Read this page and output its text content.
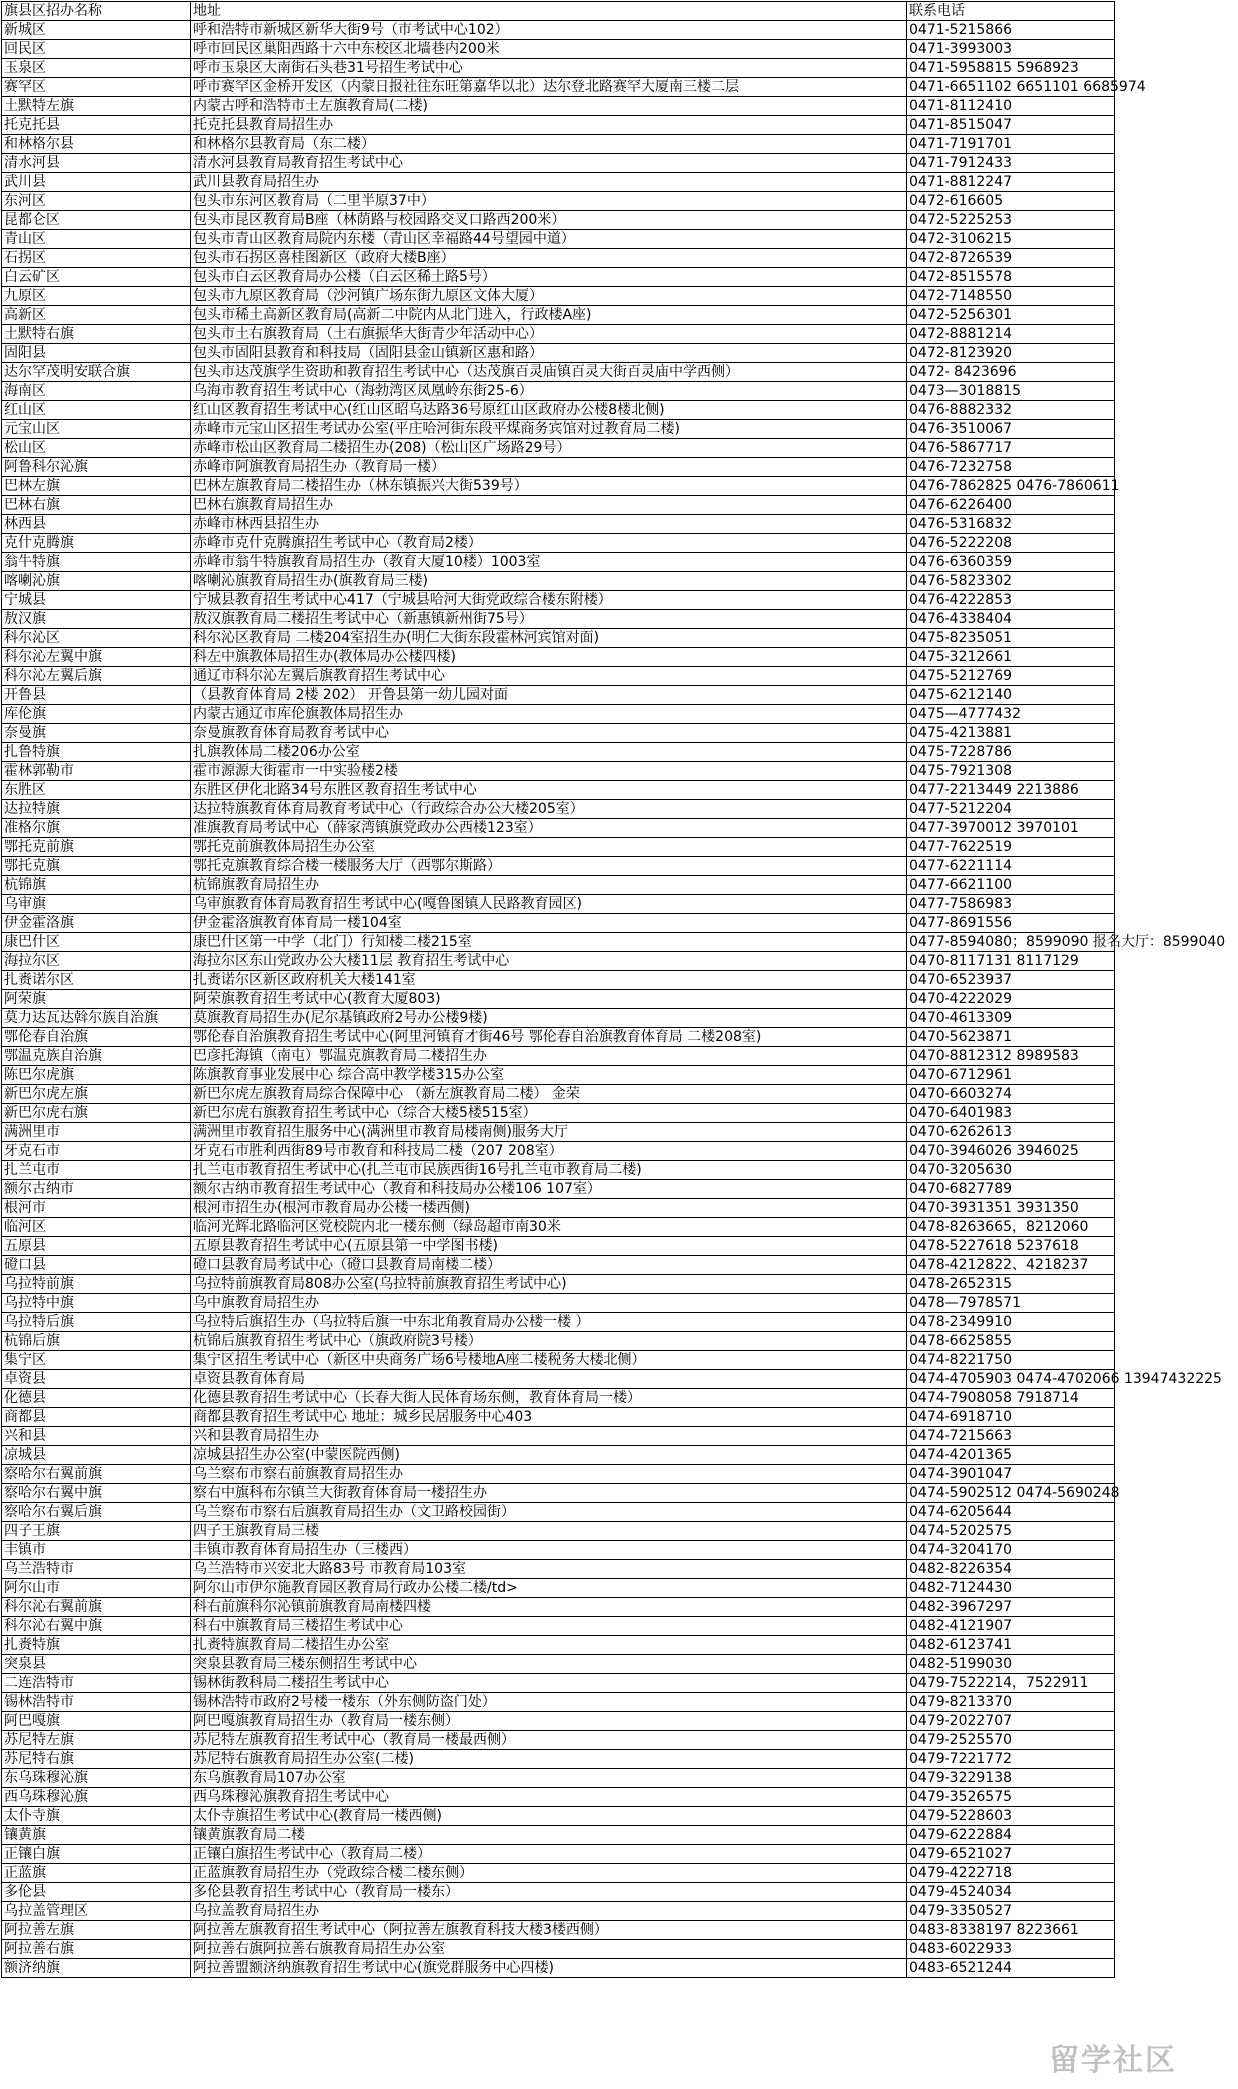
旗县区招办名称	地址	联系电话
新城区	呼和浩特市新城区新华大街9号（市考试中心102）	0471-5215866
回民区	呼市回民区巢阳西路十六中东校区北墙巷内200米	0471-3993003
玉泉区	呼市玉泉区大南街石头巷31号招生考试中心	0471-5958815 5968923
赛罕区	呼市赛罕区金桥开发区（内蒙日报社往东旺第嘉华以北）达尔登北路赛罕大厦南三楼二层	0471-6651102 6651101 6685974
土默特左旗	内蒙古呼和浩特市土左旗教育局(二楼)	0471-8112410
托克托县	托克托县教育局招生办	0471-8515047
和林格尔县	和林格尔县教育局（东二楼）	0471-7191701
清水河县	清水河县教育局教育招生考试中心	0471-7912433
武川县	武川县教育局招生办	0471-8812247
东河区	包头市东河区教育局（二里半原37中）	0472-616605
昆都仑区	包头市昆区教育局B座（林荫路与校园路交叉口路西200米）	0472-5225253
青山区	包头市青山区教育局院内东楼（青山区幸福路44号望园中道）	0472-3106215
石拐区	包头市石拐区喜桂图新区（政府大楼B座）	0472-8726539
白云矿区	包头市白云区教育局办公楼（白云区稀土路5号）	0472-8515578
九原区	包头市九原区教育局（沙河镇广场东街九原区文体大厦）	0472-7148550
高新区	包头市稀土高新区教育局(高新二中院内从北门进入，行政楼A座)	0472-5256301
土默特右旗	包头市土右旗教育局（土右旗振华大街青少年活动中心）	0472-8881214
固阳县	包头市固阳县教育和科技局（固阳县金山镇新区惠和路）	0472-8123920
达尔罕茂明安联合旗	包头市达茂旗学生资助和教育招生考试中心（达茂旗百灵庙镇百灵大街百灵庙中学西侧）	0472- 8423696
海南区	乌海市教育招生考试中心（海勃湾区凤凰岭东街25-6）	0473—3018815
红山区	红山区教育招生考试中心(红山区昭乌达路36号原红山区政府办公楼8楼北侧)	0476-8882332
元宝山区	赤峰市元宝山区招生考试办公室(平庄哈河街东段平煤商务宾馆对过教育局二楼)	0476-3510067
松山区	赤峰市松山区教育局二楼招生办(208)（松山区广场路29号）	0476-5867717
阿鲁科尔沁旗	赤峰市阿旗教育局招生办（教育局一楼）	0476-7232758
巴林左旗	巴林左旗教育局二楼招生办（林东镇振兴大街539号）	0476-7862825 0476-7860611
巴林右旗	巴林右旗教育局招生办	0476-6226400
林西县	赤峰市林西县招生办	0476-5316832
克什克腾旗	赤峰市克什克腾旗招生考试中心（教育局2楼）	0476-5222208
翁牛特旗	赤峰市翁牛特旗教育局招生办（教育大厦10楼）1003室	0476-6360359
喀喇沁旗	喀喇沁旗教育局招生办(旗教育局三楼)	0476-5823302
宁城县	宁城县教育招生考试中心417（宁城县哈河大街党政综合楼东附楼）	0476-4222853
敖汉旗	敖汉旗教育局二楼招生考试中心（新惠镇新州街75号）	0476-4338404
科尔沁区	科尔沁区教育局 二楼204室招生办(明仁大街东段霍林河宾馆对面)	0475-8235051
科尔沁左翼中旗	科左中旗教体局招生办(教体局办公楼四楼)	0475-3212661
科尔沁左翼后旗	通辽市科尔沁左翼后旗教育招生考试中心	0475-5212769
开鲁县	（县教育体育局 2楼 202） 开鲁县第一幼儿园对面	0475-6212140
库伦旗	内蒙古通辽市库伦旗教体局招生办	0475—4777432
奈曼旗	奈曼旗教育体育局教育考试中心	0475-4213881
扎鲁特旗	扎旗教体局二楼206办公室	0475-7228786
霍林郭勒市	霍市源源大街霍市一中实验楼2楼	0475-7921308
东胜区	东胜区伊化北路34号东胜区教育招生考试中心	0477-2213449 2213886
达拉特旗	达拉特旗教育体育局教育考试中心（行政综合办公大楼205室）	0477-5212204
准格尔旗	准旗教育局考试中心（薛家湾镇旗党政办公西楼123室）	0477-3970012 3970101
鄂托克前旗	鄂托克前旗教体局招生办公室	0477-7622519
鄂托克旗	鄂托克旗教育综合楼一楼服务大厅（西鄂尔斯路）	0477-6221114
杭锦旗	杭锦旗教育局招生办	0477-6621100
乌审旗	乌审旗教育体育局教育招生考试中心(嘎鲁图镇人民路教育园区)	0477-7586983
伊金霍洛旗	伊金霍洛旗教育体育局一楼104室	0477-8691556
康巴什区	康巴什区第一中学（北门）行知楼二楼215室	0477-8594080；8599090 报名大厅：8599040
海拉尔区	海拉尔区东山党政办公大楼11层 教育招生考试中心	0470-8117131 8117129
扎赉诺尔区	扎赉诺尔区新区政府机关大楼141室	0470-6523937
阿荣旗	阿荣旗教育招生考试中心(教育大厦803)	0470-4222029
莫力达瓦达斡尔族自治旗	莫旗教育局招生办(尼尔基镇政府2号办公楼9楼)	0470-4613309
鄂伦春自治旗	鄂伦春自治旗教育招生考试中心(阿里河镇育才街46号 鄂伦春自治旗教育体育局 二楼208室)	0470-5623871
鄂温克族自治旗	巴彦托海镇（南屯）鄂温克旗教育局二楼招生办	0470-8812312 8989583
陈巴尔虎旗	陈旗教育事业发展中心 综合高中教学楼315办公室	0470-6712961
新巴尔虎左旗	新巴尔虎左旗教育局综合保障中心 （新左旗教育局二楼） 金荣	0470-6603274
新巴尔虎右旗	新巴尔虎右旗教育招生考试中心（综合大楼5楼515室）	0470-6401983
满洲里市	满洲里市教育招生服务中心(满洲里市教育局楼南侧)服务大厅	0470-6262613
牙克石市	牙克石市胜利西街89号市教育和科技局二楼（207 208室）	0470-3946026 3946025
扎兰屯市	扎兰屯市教育招生考试中心(扎兰屯市民族西街16号扎兰屯市教育局二楼)	0470-3205630
额尔古纳市	额尔古纳市教育招生考试中心（教育和科技局办公楼106 107室）	0470-6827789
根河市	根河市招生办(根河市教育局办公楼一楼西侧)	0470-3931351 3931350
临河区	临河光辉北路临河区党校院内北一楼东侧（绿岛超市南30米	0478-8263665，8212060
五原县	五原县教育招生考试中心(五原县第一中学图书楼)	0478-5227618 5237618
磴口县	磴口县教育局考试中心（磴口县教育局南楼二楼）	0478-4212822、4218237
乌拉特前旗	乌拉特前旗教育局808办公室(乌拉特前旗教育招生考试中心)	0478-2652315
乌拉特中旗	乌中旗教育局招生办	0478—7978571
乌拉特后旗	乌拉特后旗招生办（乌拉特后旗一中东北角教育局办公楼一楼 ）	0478-2349910
杭锦后旗	杭锦后旗教育招生考试中心（旗政府院3号楼）	0478-6625855
集宁区	集宁区招生考试中心（新区中央商务广场6号楼地A座二楼税务大楼北侧）	0474-8221750
卓资县	卓资县教育体育局	0474-4705903 0474-4702066 13947432225
化德县	化德县教育招生考试中心（长春大街人民体育场东侧，教育体育局一楼）	0474-7908058 7918714
商都县	商都县教育招生考试中心 地址：城乡民居服务中心403	0474-6918710
兴和县	兴和县教育局招生办	0474-7215663
凉城县	凉城县招生办公室(中蒙医院西侧)	0474-4201365
察哈尔右翼前旗	乌兰察布市察右前旗教育局招生办	0474-3901047
察哈尔右翼中旗	察右中旗科布尔镇兰大街教育体育局一楼招生办	0474-5902512 0474-5690248
察哈尔右翼后旗	乌兰察布市察右后旗教育局招生办（文卫路校园街）	0474-6205644
四子王旗	四子王旗教育局三楼	0474-5202575
丰镇市	丰镇市教育体育局招生办（三楼西）	0474-3204170
乌兰浩特市	乌兰浩特市兴安北大路83号 市教育局103室	0482-8226354
阿尔山市	阿尔山市伊尔施教育园区教育局行政办公楼二楼/td>	0482-7124430
科尔沁右翼前旗	科右前旗科尔沁镇前旗教育局南楼四楼	0482-3967297
科尔沁右翼中旗	科右中旗教育局三楼招生考试中心	0482-4121907
扎赉特旗	扎赉特旗教育局二楼招生办公室	0482-6123741
突泉县	突泉县教育局三楼东侧招生考试中心	0482-5199030
二连浩特市	锡林街教科局二楼招生考试中心	0479-7522214，7522911
锡林浩特市	锡林浩特市政府2号楼一楼东（外东侧防盗门处）	0479-8213370
阿巴嘎旗	阿巴嘎旗教育局招生办（教育局一楼东侧）	0479-2022707
苏尼特左旗	苏尼特左旗教育招生考试中心（教育局一楼最西侧）	0479-2525570
苏尼特右旗	苏尼特右旗教育局招生办公室(二楼)	0479-7221772
东乌珠穆沁旗	东乌旗教育局107办公室	0479-3229138
西乌珠穆沁旗	西乌珠穆沁旗教育招生考试中心	0479-3526575
太仆寺旗	太仆寺旗招生考试中心(教育局一楼西侧)	0479-5228603
镶黄旗	镶黄旗教育局二楼	0479-6222884
正镶白旗	正镶白旗招生考试中心（教育局二楼）	0479-6521027
正蓝旗	正蓝旗教育局招生办（党政综合楼二楼东侧）	0479-4222718
多伦县	多伦县教育招生考试中心（教育局一楼东）	0479-4524034
乌拉盖管理区	乌拉盖教育局招生办	0479-3350527
阿拉善左旗	阿拉善左旗教育招生考试中心（阿拉善左旗教育科技大楼3楼西侧）	0483-8338197 8223661
阿拉善右旗	阿拉善右旗阿拉善右旗教育局招生办公室	0483-6022933
额济纳旗	阿拉善盟额济纳旗教育招生考试中心(旗党群服务中心四楼)	0483-6521244
留学社区
